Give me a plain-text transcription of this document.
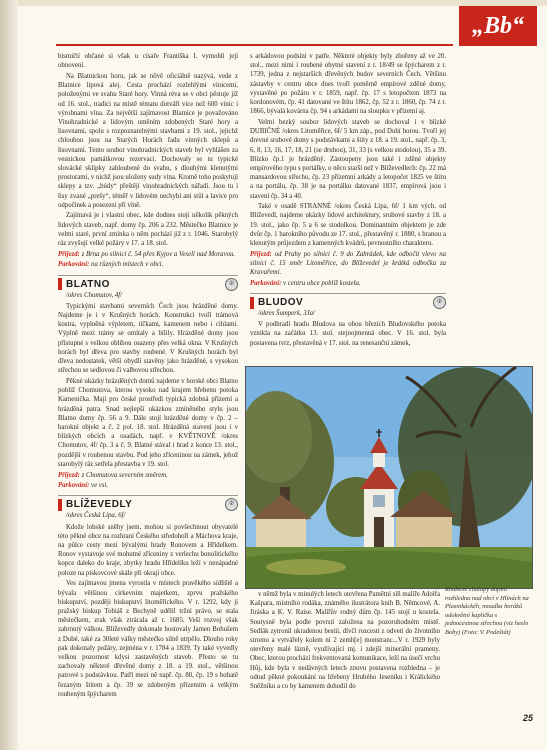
„Bb“

bismičtí občané si však u císaře Františka I. vymohli její obnovení.

Na Blatnickou horu, jak se nővě oficiálně nazývá, vede z Blatnice lipová alej. Cesta prochází rozlehlými vinicemi, položenými ve svahu Staré hory. Vinná réva se v obci pěstuje již od 16. stol., tradici na místě tématu dotváří více než 600 vinic i výrobnami vína. Za největší zajímavost Blatnice je považováno Vinohradnické a lidovým uměním zdobených Staré hory a lisovnami, spolu s rozpoznatelnými stavbami z 19. stol., jejichž chloubou jsou na Starých Horách řadu vinných sklepů a lisovnami. Tento soubor vinohradnických staveb byl vyhlášen za vesnickou památkovou rezervaci. Dochovaly se tu typické slovácké sklípky zahloubené do svahu, s dlouhými klenutými prostorami, v nichž jsou uloženy sudy vína. Kromě toho poskytují sklepy a tzv. „búdy“ přeštějí vinohradnických nářadí. Jsou tu i lisy zvané „prešy“, téměř v lidovém nechybí ani stůl a lavice pro odpočinek a posezení při víně.

Zajímavá je i vlastní obec, kde dodnes stojí několik pěkných lidových staveb, např. domy čp. 206 a 232. Městečko Blatnice je velmi staré, první zmínka o něm pochází již z r. 1046. Starobylý ráz zvyšují velké požáry v 17. a 18. stol.

Přijezd: z Brna po silnici č. 54 přes Kyjov a Veselí nad Moravou.

Parkování: na různých místech v obci.

BLATNO	②
/okres Chomutov, 4f/

Typickými stavbami severních Čech jsou hrázděné domy. Najdeme je i v Krušných horách. Konstrukci tvoří trámová kostra, vyplněná výpletem, tíčkami, kamenem nebo i cihlami. Výplně mezi trámy se omítaly a bílily. Hrázděné domy jsou přístupné s velkou oblibou osazeny přes velká okna. V Krušných horách byl dřeva pro stavby roubené. V Krušných horách byl dřeva nedostatek, větší obydlí stavěny jako hrázděné, s vysokou střechou se sedlovou či valbovou střechou.

Pěkné ukázky hrázděných domů najdeme v horské obci Blatno pobliž Chomutova, kterou vysoko nad krajem hřebenu potoka Kamenička. Mají pro české prostředí typická zdobná přízemí a hrázděná patra. Snad nejlepší ukázkou zmíněného stylu jsou Blatno domy čp. 56 a 9. Dále stojí hrázděné domy v čp. 2 – barokní objekt a č. 2 pol. 18. stol. Hrázděná stavení jsou i v blízkých obcích a osadách, např. v KVĚTNOVĚ /okres Chomutov, 4f/ čp. 3 a č. 9. Blatné stával i hrad z konce 13. stol., pozdější v roubenou stavbu. Pod jeho zříceninou na zámek, jehož starobylý ráz setřela přestavba v 19. stol.

Přijezd: z Chomutova severním směrem.

Parkování: ve vsi.

BLÍŽEVEDLY	②
/okres Česká Lípa, 6f/

Kdože lobské sněhy jsem, mohou si povšechnout obyvatelé této pěkné obce na rozhraní Českého středohoří a Máchova kraje, na půlce cesty mezi bývalými hrady Ronovem a Hřídelkem. Ronov vystavuje své mohutné zříceniny z verlechu bonolitického kopce daleko do kraje, zbytky hradu Hřídelíku leží v nenápadné poloze na pískovcové skále při okraji obce.

Ves zajímavou jmena vyrostla v místech pravěkého sídliště a bývala většinou církevním majetkem, zprvu pražského biskupství, později biskupství litoměřického. V r. 1292, kdy jí pražský biskup Tobiáš z Bechyně udělil tržní právo, se stala městečkem, zrak však ztrácala až r. 1685. Veší rozvoj však zahrnutý válkou. Blíževedly dokonale hostovaly Jamen Bohušem z Dubé, také za 30leté války městečko silně utrpělo. Dlouho roky pak dokonaly požáry, zejména v r. 1784 a 1839. Ty také vyvedly velkou pozornost kdysi zastavěných staveb. Přesto se tu zachovaly některé dřevěné domy z 18. a 19. stol., většinou patrové s podstávkou. Patří mezi ně např. čp. 80, čp. 19 s bohatě řezaným štítem a čp. 39 se zdobeným přízemím a velkým roubeným špýcharem

s arkádovou podsíní v patře. Některé objekty byly zbořeny až ve 20. stol., mezi nimi i roubené obytné stavení z r. 18/49 se špýcharem z r. 1739, jedna z nejstarších dřevěných budov severních Čech. Většinu zástavby v centru obce dnes tvoří poměrně empírové zděné domy, vystavěné po požáru v r. 1859, např. čp. 17 s letopočtem 1873 na kordonovém, čp. 41 datované ve štítu 1862, čp. 52 z r. 1860, čp. 74 z r. 1866, bývalá kovárna čp. 94 s arkádami na sloupku v přízemí aj.

Velmi bezký soubor lidových staveb se dochoval i v blízké DUBIČNÉ /okres Litoměřice, 6f/ 5 km záp., pod Dubí horou. Tvoří jej drevné srubové domy s podstávkami a štíty z 18. a 19. stol., např. čp. 3, 6, 8, 13, 16, 17, 18, 21 (se druhou), 31, 33 (s velkou stodolou), 35 a 39. Blízko čp.1 je hrázděný. Zástoupeny jsou také i zděné objekty empírového typu s portálky, o něco starší než v Blíževedlech: čp. 22 má mansardovou střechu, čp. 23 přízemní arkády a letopočet 1825 ve štítu a na portálu, čp. 38 je na portálku datované 1837, empírová jsou i stavení čp. 34 a 40.

Také v osadě STRANNÉ /okres Česká Lípa, 6f/ 1 km vých. od Blíževedl, najdeme ukázky lidové architektury, srubové stavby z 18. a 19. stol., jako čp. 5 a 6 se stodolkou. Dominantním objektem je zde dvůr čp. 1 barokního původu ze 17. stol., přestavěný r. 1880, s branou a klenutým průjezdem z kamenných kvádrů, pevnostního charakteru.

Přijezd: od Prahy po silnici č. 9 do Zahrádek, kde odbočit vlevo na silnici č. 15 směr Litoměřice, do Blíževedel je krátká odbočka za Kravařemi.

Parkování: v centru obce poblíž kostela.

BLUDOV	②
/okres Šumperk, 3Ja/

V podhradí hradu Bludova na obou březích Bludovského potoka vznikla na začátku 13. stol. stejnojmenná obec. V 16. stol. byla postavena tvrz, přestavěná v 17. stol. na renesanční zámek,

v němž byla v minulých letech otevřena Pamětní síň malíře Adolfa Kašpara, místního rodáka, známého ilustrátora knih B. Němcové, A. Jiráska a K. V. Raise. Malířův rodný dům čp. 145 stojí u kostela. Soutysně byla podle povrstí založena na pozoruhodném místě. Sedlák zytronil ukradenou bestií, dívčí rozcestí z odvetí do životního stromu a vytvářely kolem ní 2 zemh[e] monstranc...V r. 1929 byly otevřeny malé lázně, využívající mj. i zdejší minerální prameny. Obec, kterou prochází frekventovaná komunikace, leží na úsečí vrchu Hůj, kde byla v nedávných letech znovu postavena rozhledna – je odtud pěkné pokoukání na hřebeny Hrubého Jeseníku i Králického Sněžníku a co by kamenem dohodil do

Roubené chalupy doplní rozhledna nad obcí v Hlínách na Plasnikáckéh, moudka horáků odokvětní kaplička s jednocestnou střechou (viz heslo Boby) (Foto: V. Podeštát)
25
